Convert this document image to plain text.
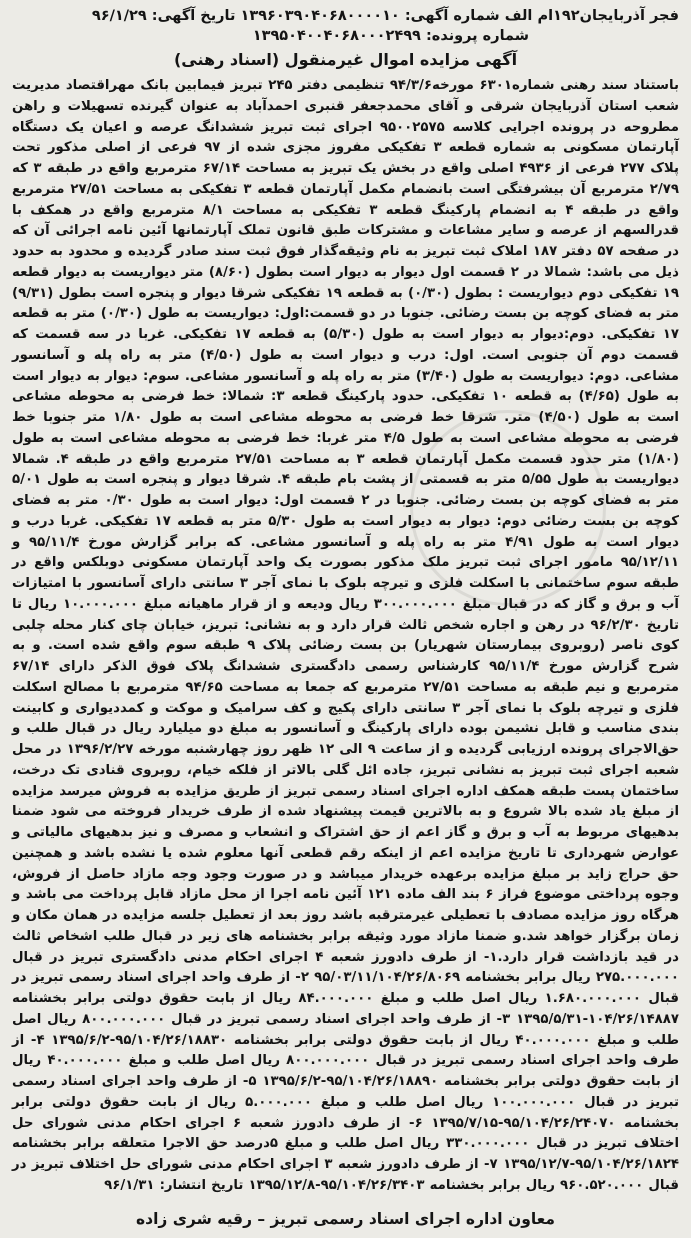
فجر آذربایجان۱۹۲ام الف شماره آگهی: ۱۳۹۶۰۳۹۰۴۰۶۸۰۰۰۰۱۰ تاریخ آگهی: ۹۶/۱/۲۹
شماره پرونده: ۱۳۹۵۰۴۰۰۴۰۶۸۰۰۰۲۴۹۹
آگهی مزایده اموال غیرمنقول (اسناد رهنی)
باستناد سند رهنی شماره۶۳۰۱ مورخه۹۴/۳/۶ تنظیمی دفتر ۲۴۵ تبریز فیمابین بانک مهراقتصاد مدیریت شعب استان آذربایجان شرقی و آقای محمدجعفر قنبری احمدآباد به عنوان گیرنده تسهیلات و راهن مطروحه در پرونده اجرایی کلاسه ۹۵۰۰۲۵۷۵ اجرای ثبت تبریز ششدانگ عرصه و اعیان یک دستگاه آپارتمان مسکونی به شماره قطعه ۳ تفکیکی مفروز مجزی شده از ۹۷ فرعی از اصلی مذکور تحت پلاک ۲۷۷ فرعی از ۴۹۳۶ اصلی واقع در بخش یک تبریز به مساحت ۶۷/۱۴ مترمربع واقع در طبقه ۳ که ۲/۷۹ مترمربع آن بیشرفتگی است بانضمام مکمل آپارتمان قطعه ۳ تفکیکی به مساحت ۲۷/۵۱ مترمربع واقع در طبقه ۴ به انضمام پارکینگ قطعه ۳ تفکیکی به مساحت ۸/۱ مترمربع واقع در همکف با قدرالسهم از عرصه و سایر مشاعات و مشترکات طبق قانون تملک آپارتمانها آئین نامه اجرائی آن که در صفحه ۵۷ دفتر ۱۸۷ املاک ثبت تبریز به نام وثیقه‌گذار فوق ثبت سند صادر گردیده و محدود به حدود ذیل می باشد: شمالا در ۲ قسمت اول دیوار به دیوار است بطول (۸/۶۰) متر دیواریست به دیوار قطعه ۱۹ تفکیکی دوم دیواریست : بطول (۰/۳۰) به قطعه ۱۹ تفکیکی شرقا دیوار و پنجره است بطول (۹/۳۱) متر به فضای کوچه بن بست رضائی. جنوبا در دو قسمت:اول: دیواریست به طول (۰/۳۰) متر به قطعه ۱۷ تفکیکی. دوم:دیوار به دیوار است به طول (۵/۳۰) به قطعه ۱۷ تفکیکی. غربا در سه قسمت که قسمت دوم آن جنوبی است. اول: درب و دیوار است به طول (۴/۵۰) متر به راه پله و آسانسور مشاعی. دوم: دیواریست به طول (۳/۴۰) متر به راه پله و آسانسور مشاعی. سوم: دیوار به دیوار است به طول (۴/۶۵) به قطعه ۱۰ تفکیکی. حدود پارکینگ قطعه ۳: شمالا: خط فرضی به محوطه مشاعی است به طول (۴/۵۰) متر. شرقا خط فرضی به محوطه مشاعی است به طول ۱/۸۰ متر جنوبا خط فرضی به محوطه مشاعی است به طول ۴/۵ متر غربا: خط فرضی به محوطه مشاعی است به طول (۱/۸۰) متر حدود قسمت مکمل آپارتمان قطعه ۳ به مساحت ۲۷/۵۱ مترمربع واقع در طبقه ۴. شمالا دیواریست به طول ۵/۵۵ متر به قسمتی از پشت بام طبقه ۴. شرقا دیوار و پنجره است به طول ۵/۰۱ متر به فضای کوچه بن بست رضائی. جنوبا در ۲ قسمت اول: دیوار است به طول ۰/۳۰ متر به فضای کوچه بن بست رضائی دوم: دیوار به دیوار است به طول ۵/۳۰ متر به قطعه ۱۷ تفکیکی. غربا درب و دیوار است به طول ۴/۹۱ متر به راه پله و آسانسور مشاعی. که برابر گزارش مورخ ۹۵/۱۱/۴ و ۹۵/۱۲/۱۱ مامور اجرای ثبت تبریز ملک مذکور بصورت یک واحد آپارتمان مسکونی دوبلکس واقع در طبقه سوم ساختمانی با اسکلت فلزی و تیرچه بلوک با نمای آجر ۳ سانتی دارای آسانسور با امتیازات آب و برق و گاز که در قبال مبلغ ۳۰۰.۰۰۰.۰۰۰ ریال ودیعه و از قرار ماهیانه مبلغ ۱۰.۰۰۰.۰۰۰ ریال تا تاریخ ۹۶/۲/۳۰ در رهن و اجاره شخص ثالث قرار دارد و به نشانی: تبریز، خیابان چای کنار محله چلبی کوی ناصر (روبروی بیمارستان شهریار) بن بست رضائی پلاک ۹ طبقه سوم واقع شده است. و به شرح گزارش مورخ ۹۵/۱۱/۴ کارشناس رسمی دادگستری ششدانگ پلاک فوق الذکر دارای ۶۷/۱۴ مترمربع و نیم طبقه به مساحت ۲۷/۵۱ مترمربع که جمعا به مساحت ۹۴/۶۵ مترمربع با مصالح اسکلت فلزی و تیرچه بلوک با نمای آجر ۳ سانتی دارای پکیج و کف سرامیک و موکت و کمددیواری و کابینت بندی مناسب و قابل نشیمن بوده دارای پارکینگ و آسانسور به مبلغ دو میلیارد ریال در قبال طلب و حق‌الاجرای پرونده ارزیابی گردیده و از ساعت ۹ الی ۱۲ ظهر روز چهارشنبه مورخه ۱۳۹۶/۲/۲۷ در محل شعبه اجرای ثبت تبریز به نشانی تبریز، جاده ائل گلی بالاتر از فلکه خیام، روبروی قنادی تک درخت، ساختمان پست طبقه همکف اداره اجرای اسناد رسمی تبریز از طریق مزایده به فروش میرسد مزایده از مبلغ یاد شده بالا شروع و به بالاترین قیمت پیشنهاد شده از طرف خریدار فروخته می شود ضمنا بدهیهای مربوط به آب و برق و گاز اعم از حق اشتراک و انشعاب و مصرف و نیز بدهیهای مالیاتی و عوارض شهرداری تا تاریخ مزایده اعم از اینکه رقم قطعی آنها معلوم شده یا نشده باشد و همچنین حق حراج زاید بر مبلغ مزایده برعهده خریدار میباشد و در صورت وجود وجه مازاد حاصل از فروش، وجوه پرداختی موضوع فراز ۶ بند الف ماده ۱۲۱ آئین نامه اجرا از محل مازاد قابل پرداخت می باشد و هرگاه روز مزایده مصادف با تعطیلی غیرمترقبه باشد روز بعد از تعطیل جلسه مزایده در همان مکان و زمان برگزار خواهد شد.و ضمنا مازاد مورد وثیقه برابر بخشنامه های زیر در قبال طلب اشخاص ثالث در قید بازداشت قرار دارد.۱- از طرف دادورز شعبه ۴ اجرای احکام مدنی دادگستری تبریز در قبال ۲۷۵.۰۰۰.۰۰۰ ریال برابر بخشنامه ۹۵/۰۳/۱۱/۱۰۴/۲۶/۸۰۶۹ ۲- از طرف واحد اجرای اسناد رسمی تبریز در قبال ۱.۶۸۰.۰۰۰.۰۰۰ ریال اصل طلب و مبلغ ۸۴.۰۰۰.۰۰۰ ریال از بابت حقوق دولتی برابر بخشنامه ۱۰۴/۲۶/۱۴۸۸۷-۱۳۹۵/۵/۳۱ ۳- از طرف واحد اجرای اسناد رسمی تبریز در قبال ۸۰۰.۰۰۰.۰۰۰ ریال اصل طلب و مبلغ ۴۰.۰۰۰.۰۰۰ ریال از بابت حقوق دولتی برابر بخشنامه ۹۵/۱۰۴/۲۶/۱۸۸۳۰-۱۳۹۵/۶/۲ ۴- از طرف واحد اجرای اسناد رسمی تبریز در قبال ۸۰۰.۰۰۰.۰۰۰ ریال اصل طلب و مبلغ ۴۰.۰۰۰.۰۰۰ ریال از بابت حقوق دولتی برابر بخشنامه ۹۵/۱۰۴/۲۶/۱۸۸۹۰-۱۳۹۵/۶/۲ ۵- از طرف واحد اجرای اسناد رسمی تبریز در قبال ۱۰۰.۰۰۰.۰۰۰ ریال اصل طلب و مبلغ ۵.۰۰۰.۰۰۰ ریال از بابت حقوق دولتی برابر بخشنامه ۹۵/۱۰۴/۲۶/۲۴۰۷۰-۱۳۹۵/۷/۱۵ ۶- از طرف دادورز شعبه ۶ اجرای احکام مدنی شورای حل اختلاف تبریز در قبال ۳۳۰.۰۰۰.۰۰۰ ریال اصل طلب و مبلغ ۵درصد حق الاجرا متعلقه برابر بخشنامه ۹۵/۱۰۴/۲۶/۱۸۲۴-۱۳۹۵/۱۲/۷ ۷- از طرف دادورز شعبه ۳ اجرای احکام مدنی شورای حل اختلاف تبریز در قبال ۹۶۰.۵۲۰.۰۰۰ ریال برابر بخشنامه ۹۵/۱۰۴/۲۶/۳۴۰۳-۱۳۹۵/۱۲/۸ تاریخ انتشار: ۹۶/۱/۳۱
معاون اداره اجرای اسناد رسمی تبریز – رقیه شری زاده
